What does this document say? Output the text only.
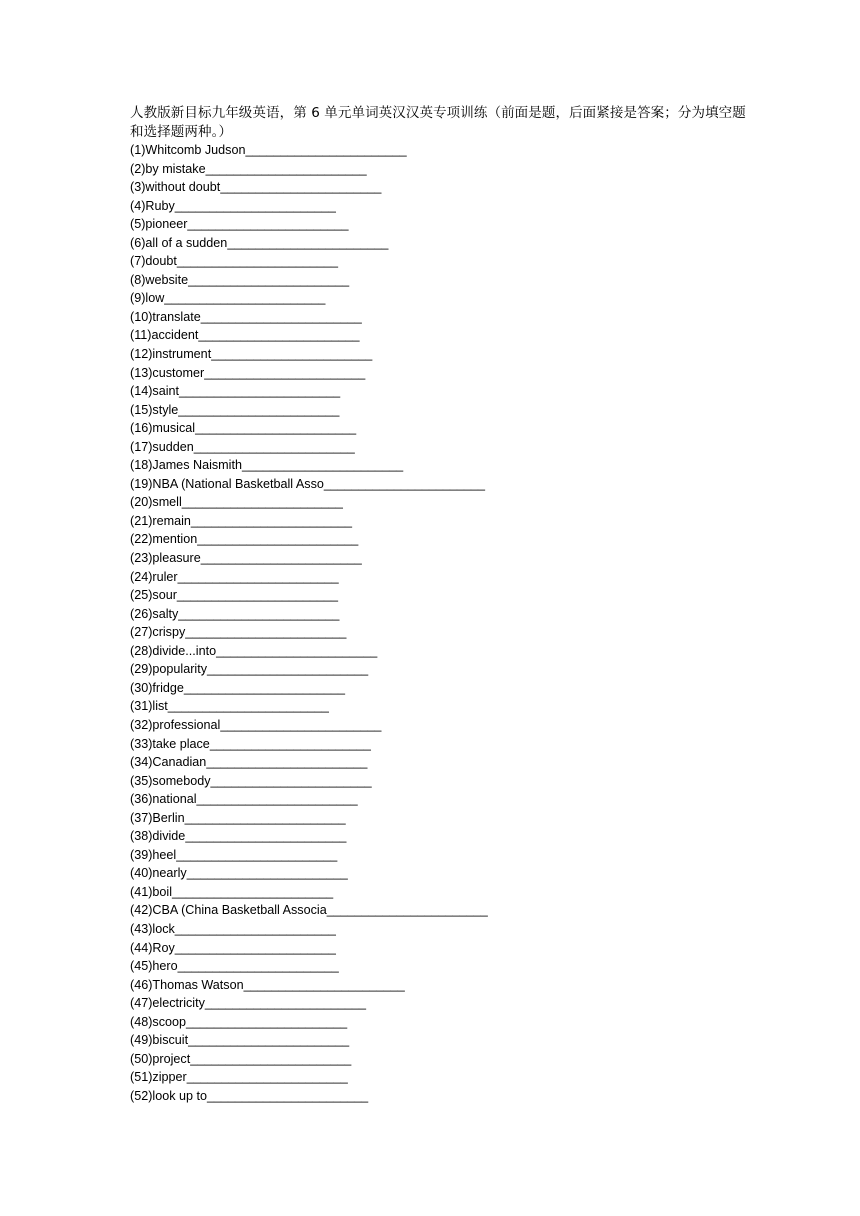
人教版新目标九年级英语，第 6 单元单词英汉汉英专项训练（前面是题，后面紧接是答案；分为填空题和选择题两种。）

(1)Whitcomb Judson_______________________
(2)by mistake_______________________
(3)without doubt_______________________
(4)Ruby_______________________
(5)pioneer_______________________
(6)all of a sudden_______________________
(7)doubt_______________________
(8)website_______________________
(9)low_______________________
(10)translate_______________________
(11)accident_______________________
(12)instrument_______________________
(13)customer_______________________
(14)saint_______________________
(15)style_______________________
(16)musical_______________________
(17)sudden_______________________
(18)James Naismith_______________________
(19)NBA (National Basketball Asso_______________________
(20)smell_______________________
(21)remain_______________________
(22)mention_______________________
(23)pleasure_______________________
(24)ruler_______________________
(25)sour_______________________
(26)salty_______________________
(27)crispy_______________________
(28)divide...into_______________________
(29)popularity_______________________
(30)fridge_______________________
(31)list_______________________
(32)professional_______________________
(33)take place_______________________
(34)Canadian_______________________
(35)somebody_______________________
(36)national_______________________
(37)Berlin_______________________
(38)divide_______________________
(39)heel_______________________
(40)nearly_______________________
(41)boil_______________________
(42)CBA (China Basketball Associa_______________________
(43)lock_______________________
(44)Roy_______________________
(45)hero_______________________
(46)Thomas Watson_______________________
(47)electricity_______________________
(48)scoop_______________________
(49)biscuit_______________________
(50)project_______________________
(51)zipper_______________________
(52)look up to_______________________
